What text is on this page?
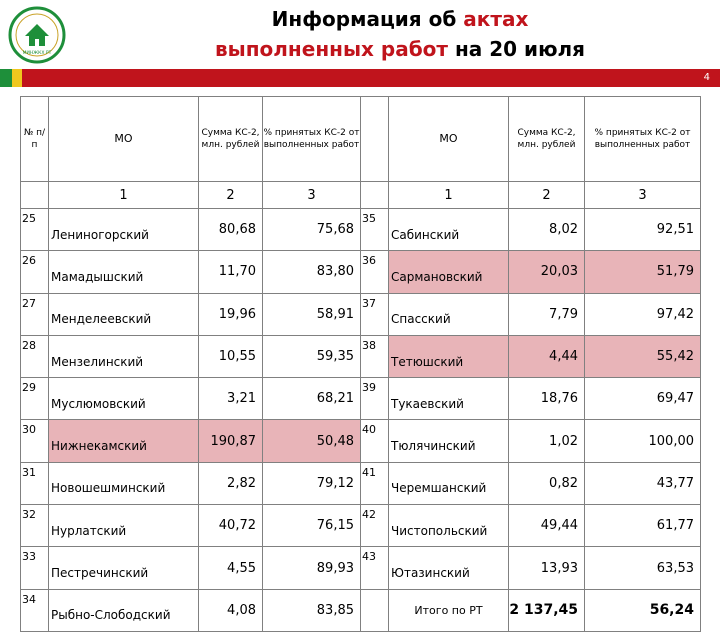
МИНЖКХ РТ
Информация об актах
выполненных работ на 20 июля
4
№ п/п	МО	Сумма КС-2, млн. рублей	% принятых КС-2 от выполненных работ		МО	Сумма КС-2, млн. рублей	% принятых КС-2 от выполненных работ
	1	2	3		1	2	3
25	Лениногорский	80,68	75,68	35	Сабинский	8,02	92,51
26	Мамадышский	11,70	83,80	36	Сармановский	20,03	51,79
27	Менделеевский	19,96	58,91	37	Спасский	7,79	97,42
28	Мензелинский	10,55	59,35	38	Тетюшский	4,44	55,42
29	Муслюмовский	3,21	68,21	39	Тукаевский	18,76	69,47
30	Нижнекамский	190,87	50,48	40	Тюлячинский	1,02	100,00
31	Новошешминский	2,82	79,12	41	Черемшанский	0,82	43,77
32	Нурлатский	40,72	76,15	42	Чистопольский	49,44	61,77
33	Пестречинский	4,55	89,93	43	Ютазинский	13,93	63,53
34	Рыбно-Слободский	4,08	83,85		Итого по РТ	2 137,45	56,24
